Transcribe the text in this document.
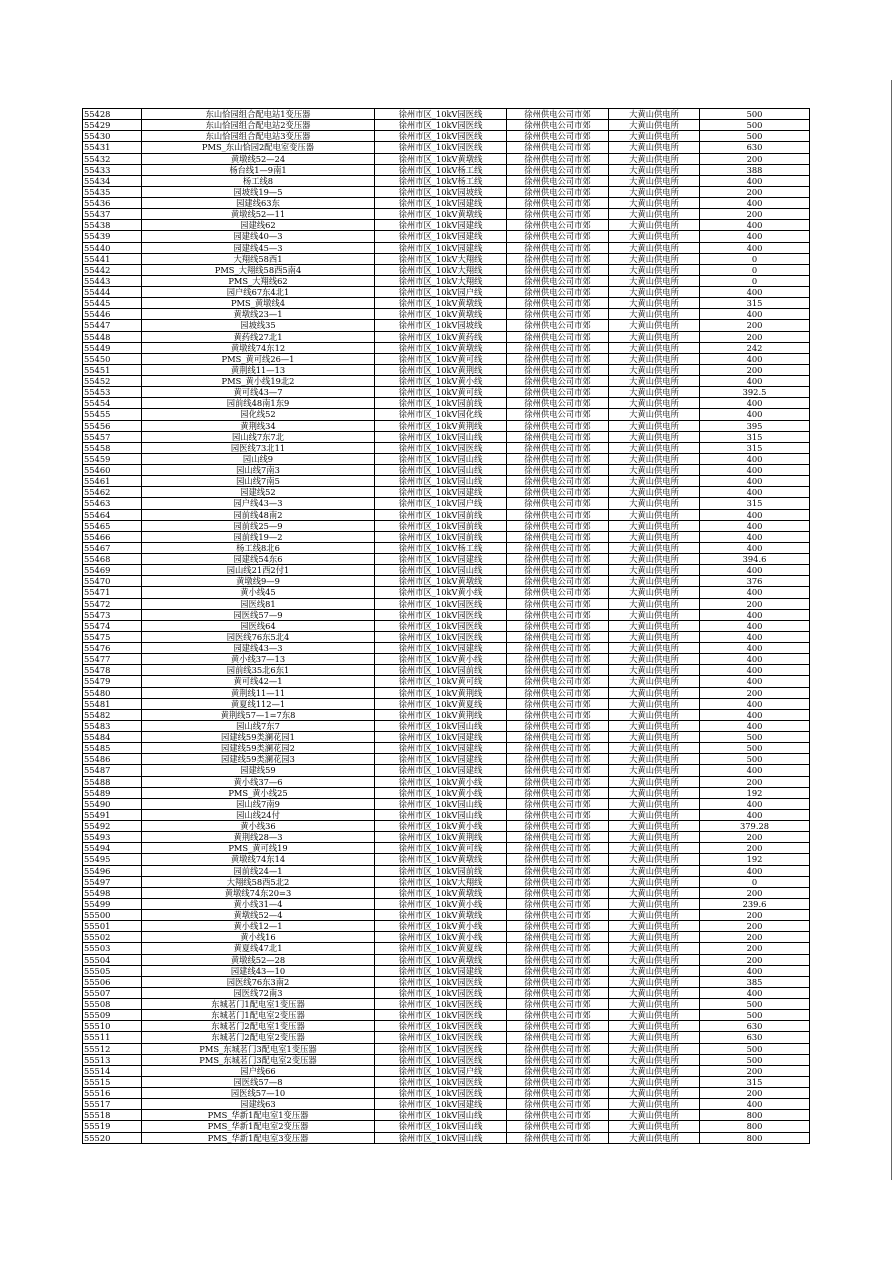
55428	东山恰园组合配电站1变压器	徐州市区_10kV园医线	徐州供电公司市郊	大黄山供电所	500
55429	东山恰园组合配电站2变压器	徐州市区_10kV园医线	徐州供电公司市郊	大黄山供电所	500
55430	东山恰园组合配电站3变压器	徐州市区_10kV园医线	徐州供电公司市郊	大黄山供电所	500
55431	PMS_东山恰园2配电室变压器	徐州市区_10kV园医线	徐州供电公司市郊	大黄山供电所	630
55432	黄墩线52—24	徐州市区_10kV黄墩线	徐州供电公司市郊	大黄山供电所	200
55433	杨台线1—9南1	徐州市区_10kV杨工线	徐州供电公司市郊	大黄山供电所	388
55434	杨工线8	徐州市区_10kV杨工线	徐州供电公司市郊	大黄山供电所	400
55435	园坡线19—5	徐州市区_10kV园坡线	徐州供电公司市郊	大黄山供电所	200
55436	园建线63东	徐州市区_10kV园建线	徐州供电公司市郊	大黄山供电所	400
55437	黄墩线52—11	徐州市区_10kV黄墩线	徐州供电公司市郊	大黄山供电所	200
55438	园建线62	徐州市区_10kV园建线	徐州供电公司市郊	大黄山供电所	400
55439	园建线40—3	徐州市区_10kV园建线	徐州供电公司市郊	大黄山供电所	400
55440	园建线45—3	徐州市区_10kV园建线	徐州供电公司市郊	大黄山供电所	400
55441	大翔线58西1	徐州市区_10kV大翔线	徐州供电公司市郊	大黄山供电所	0
55442	PMS_大翔线58西5南4	徐州市区_10kV大翔线	徐州供电公司市郊	大黄山供电所	0
55443	PMS_大翔线62	徐州市区_10kV大翔线	徐州供电公司市郊	大黄山供电所	0
55444	园户线67东4北1	徐州市区_10kV园户线	徐州供电公司市郊	大黄山供电所	400
55445	PMS_黄墩线4	徐州市区_10kV黄墩线	徐州供电公司市郊	大黄山供电所	315
55446	黄墩线23—1	徐州市区_10kV黄墩线	徐州供电公司市郊	大黄山供电所	400
55447	园坡线35	徐州市区_10kV园坡线	徐州供电公司市郊	大黄山供电所	200
55448	黄药线27北1	徐州市区_10kV黄药线	徐州供电公司市郊	大黄山供电所	200
55449	黄墩线74东12	徐州市区_10kV黄墩线	徐州供电公司市郊	大黄山供电所	242
55450	PMS_黄可线26—1	徐州市区_10kV黄可线	徐州供电公司市郊	大黄山供电所	400
55451	黄荆线11—13	徐州市区_10kV黄荆线	徐州供电公司市郊	大黄山供电所	200
55452	PMS_黄小线19北2	徐州市区_10kV黄小线	徐州供电公司市郊	大黄山供电所	400
55453	黄可线43—7	徐州市区_10kV黄可线	徐州供电公司市郊	大黄山供电所	392.5
55454	园前线48南1东9	徐州市区_10kV园前线	徐州供电公司市郊	大黄山供电所	400
55455	园化线52	徐州市区_10kV园化线	徐州供电公司市郊	大黄山供电所	400
55456	黄荆线34	徐州市区_10kV黄荆线	徐州供电公司市郊	大黄山供电所	395
55457	园山线7东7北	徐州市区_10kV园山线	徐州供电公司市郊	大黄山供电所	315
55458	园医线73北11	徐州市区_10kV园医线	徐州供电公司市郊	大黄山供电所	315
55459	园山线9	徐州市区_10kV园山线	徐州供电公司市郊	大黄山供电所	400
55460	园山线7南3	徐州市区_10kV园山线	徐州供电公司市郊	大黄山供电所	400
55461	园山线7南5	徐州市区_10kV园山线	徐州供电公司市郊	大黄山供电所	400
55462	园建线52	徐州市区_10kV园建线	徐州供电公司市郊	大黄山供电所	400
55463	园户线43—3	徐州市区_10kV园户线	徐州供电公司市郊	大黄山供电所	315
55464	园前线48南2	徐州市区_10kV园前线	徐州供电公司市郊	大黄山供电所	400
55465	园前线25—9	徐州市区_10kV园前线	徐州供电公司市郊	大黄山供电所	400
55466	园前线19—2	徐州市区_10kV园前线	徐州供电公司市郊	大黄山供电所	400
55467	杨工线8北6	徐州市区_10kV杨工线	徐州供电公司市郊	大黄山供电所	400
55468	园建线54东6	徐州市区_10kV园建线	徐州供电公司市郊	大黄山供电所	394.6
55469	园山线21西2付1	徐州市区_10kV园山线	徐州供电公司市郊	大黄山供电所	400
55470	黄墩线9—9	徐州市区_10kV黄墩线	徐州供电公司市郊	大黄山供电所	376
55471	黄小线45	徐州市区_10kV黄小线	徐州供电公司市郊	大黄山供电所	400
55472	园医线81	徐州市区_10kV园医线	徐州供电公司市郊	大黄山供电所	200
55473	园医线57—9	徐州市区_10kV园医线	徐州供电公司市郊	大黄山供电所	400
55474	园医线64	徐州市区_10kV园医线	徐州供电公司市郊	大黄山供电所	400
55475	园医线76东5北4	徐州市区_10kV园医线	徐州供电公司市郊	大黄山供电所	400
55476	园建线43—3	徐州市区_10kV园建线	徐州供电公司市郊	大黄山供电所	400
55477	黄小线37—13	徐州市区_10kV黄小线	徐州供电公司市郊	大黄山供电所	400
55478	园前线35北6东1	徐州市区_10kV园前线	徐州供电公司市郊	大黄山供电所	400
55479	黄可线42—1	徐州市区_10kV黄可线	徐州供电公司市郊	大黄山供电所	400
55480	黄荆线11—11	徐州市区_10kV黄荆线	徐州供电公司市郊	大黄山供电所	200
55481	黄夏线112—1	徐州市区_10kV黄夏线	徐州供电公司市郊	大黄山供电所	400
55482	黄荆线57—1=7东8	徐州市区_10kV黄荆线	徐州供电公司市郊	大黄山供电所	400
55483	园山线7东7	徐州市区_10kV园山线	徐州供电公司市郊	大黄山供电所	400
55484	园建线59类澜花园1	徐州市区_10kV园建线	徐州供电公司市郊	大黄山供电所	500
55485	园建线59类澜花园2	徐州市区_10kV园建线	徐州供电公司市郊	大黄山供电所	500
55486	园建线59类澜花园3	徐州市区_10kV园建线	徐州供电公司市郊	大黄山供电所	500
55487	园建线59	徐州市区_10kV园建线	徐州供电公司市郊	大黄山供电所	400
55488	黄小线37—6	徐州市区_10kV黄小线	徐州供电公司市郊	大黄山供电所	200
55489	PMS_黄小线25	徐州市区_10kV黄小线	徐州供电公司市郊	大黄山供电所	192
55490	园山线7南9	徐州市区_10kV园山线	徐州供电公司市郊	大黄山供电所	400
55491	园山线24付	徐州市区_10kV园山线	徐州供电公司市郊	大黄山供电所	400
55492	黄小线36	徐州市区_10kV黄小线	徐州供电公司市郊	大黄山供电所	379.28
55493	黄荆线28—3	徐州市区_10kV黄荆线	徐州供电公司市郊	大黄山供电所	200
55494	PMS_黄可线19	徐州市区_10kV黄可线	徐州供电公司市郊	大黄山供电所	200
55495	黄墩线74东14	徐州市区_10kV黄墩线	徐州供电公司市郊	大黄山供电所	192
55496	园前线24—1	徐州市区_10kV园前线	徐州供电公司市郊	大黄山供电所	400
55497	大翔线58西5北2	徐州市区_10kV大翔线	徐州供电公司市郊	大黄山供电所	0
55498	黄墩线74东20=3	徐州市区_10kV黄墩线	徐州供电公司市郊	大黄山供电所	200
55499	黄小线31—4	徐州市区_10kV黄小线	徐州供电公司市郊	大黄山供电所	239.6
55500	黄墩线52—4	徐州市区_10kV黄墩线	徐州供电公司市郊	大黄山供电所	200
55501	黄小线12—1	徐州市区_10kV黄小线	徐州供电公司市郊	大黄山供电所	200
55502	黄小线16	徐州市区_10kV黄小线	徐州供电公司市郊	大黄山供电所	200
55503	黄夏线47北1	徐州市区_10kV黄夏线	徐州供电公司市郊	大黄山供电所	200
55504	黄墩线52—28	徐州市区_10kV黄墩线	徐州供电公司市郊	大黄山供电所	200
55505	园建线43—10	徐州市区_10kV园建线	徐州供电公司市郊	大黄山供电所	400
55506	园医线76东3南2	徐州市区_10kV园医线	徐州供电公司市郊	大黄山供电所	385
55507	园医线72南3	徐州市区_10kV园医线	徐州供电公司市郊	大黄山供电所	400
55508	东城茗门1配电室1变压器	徐州市区_10kV园医线	徐州供电公司市郊	大黄山供电所	500
55509	东城茗门1配电室2变压器	徐州市区_10kV园医线	徐州供电公司市郊	大黄山供电所	500
55510	东城茗门2配电室1变压器	徐州市区_10kV园医线	徐州供电公司市郊	大黄山供电所	630
55511	东城茗门2配电室2变压器	徐州市区_10kV园医线	徐州供电公司市郊	大黄山供电所	630
55512	PMS_东城茗门3配电室1变压器	徐州市区_10kV园医线	徐州供电公司市郊	大黄山供电所	500
55513	PMS_东城茗门3配电室2变压器	徐州市区_10kV园医线	徐州供电公司市郊	大黄山供电所	500
55514	园户线66	徐州市区_10kV园户线	徐州供电公司市郊	大黄山供电所	200
55515	园医线57—8	徐州市区_10kV园医线	徐州供电公司市郊	大黄山供电所	315
55516	园医线57—10	徐州市区_10kV园医线	徐州供电公司市郊	大黄山供电所	200
55517	园建线63	徐州市区_10kV园建线	徐州供电公司市郊	大黄山供电所	400
55518	PMS_华新1配电室1变压器	徐州市区_10kV园山线	徐州供电公司市郊	大黄山供电所	800
55519	PMS_华新1配电室2变压器	徐州市区_10kV园山线	徐州供电公司市郊	大黄山供电所	800
55520	PMS_华新1配电室3变压器	徐州市区_10kV园山线	徐州供电公司市郊	大黄山供电所	800
